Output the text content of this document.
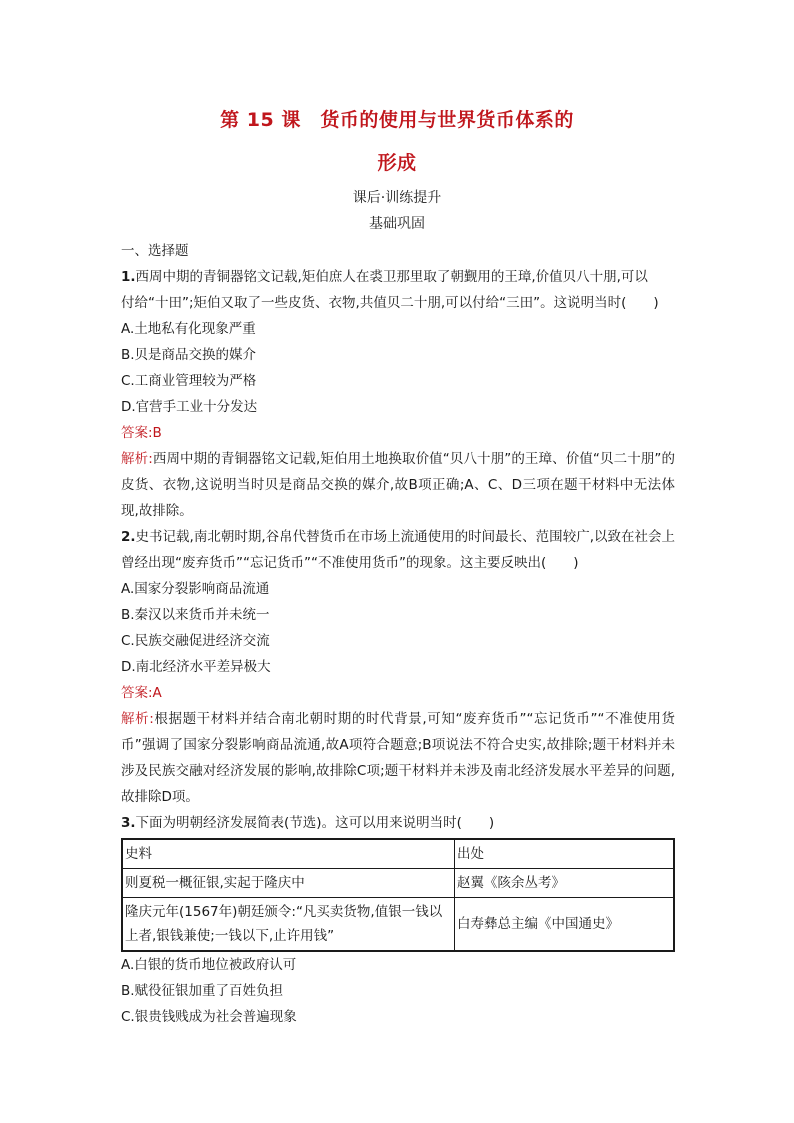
第 15 课　货币的使用与世界货币体系的
形成
课后·训练提升
基础巩固
一、选择题
1.西周中期的青铜器铭文记载,矩伯庶人在裘卫那里取了朝觐用的王璋,价值贝八十朋,可以
付给“十田”;矩伯又取了一些皮货、衣物,共值贝二十朋,可以付给“三田”。这说明当时(　　)
A.土地私有化现象严重
B.贝是商品交换的媒介
C.工商业管理较为严格
D.官营手工业十分发达
答案:B
解析:西周中期的青铜器铭文记载,矩伯用土地换取价值“贝八十朋”的王璋、价值“贝二十朋”的皮货、衣物,这说明当时贝是商品交换的媒介,故B项正确;A、C、D三项在题干材料中无法体现,故排除。
2.史书记载,南北朝时期,谷帛代替货币在市场上流通使用的时间最长、范围较广,以致在社会上曾经出现“废弃货币”“忘记货币”“不准使用货币”的现象。这主要反映出(　　)
A.国家分裂影响商品流通
B.秦汉以来货币并未统一
C.民族交融促进经济交流
D.南北经济水平差异极大
答案:A
解析:根据题干材料并结合南北朝时期的时代背景,可知“废弃货币”“忘记货币”“不准使用货币”强调了国家分裂影响商品流通,故A项符合题意;B项说法不符合史实,故排除;题干材料并未涉及民族交融对经济发展的影响,故排除C项;题干材料并未涉及南北经济发展水平差异的问题,故排除D项。
3.下面为明朝经济发展简表(节选)。这可以用来说明当时(　　)
史料	出处
则夏税一概征银,实起于隆庆中	赵翼《陔余丛考》
隆庆元年(1567年)朝廷颁令:“凡买卖货物,值银一钱以上者,银钱兼使;一钱以下,止许用钱”	白寿彝总主编《中国通史》
A.白银的货币地位被政府认可
B.赋役征银加重了百姓负担
C.银贵钱贱成为社会普遍现象
